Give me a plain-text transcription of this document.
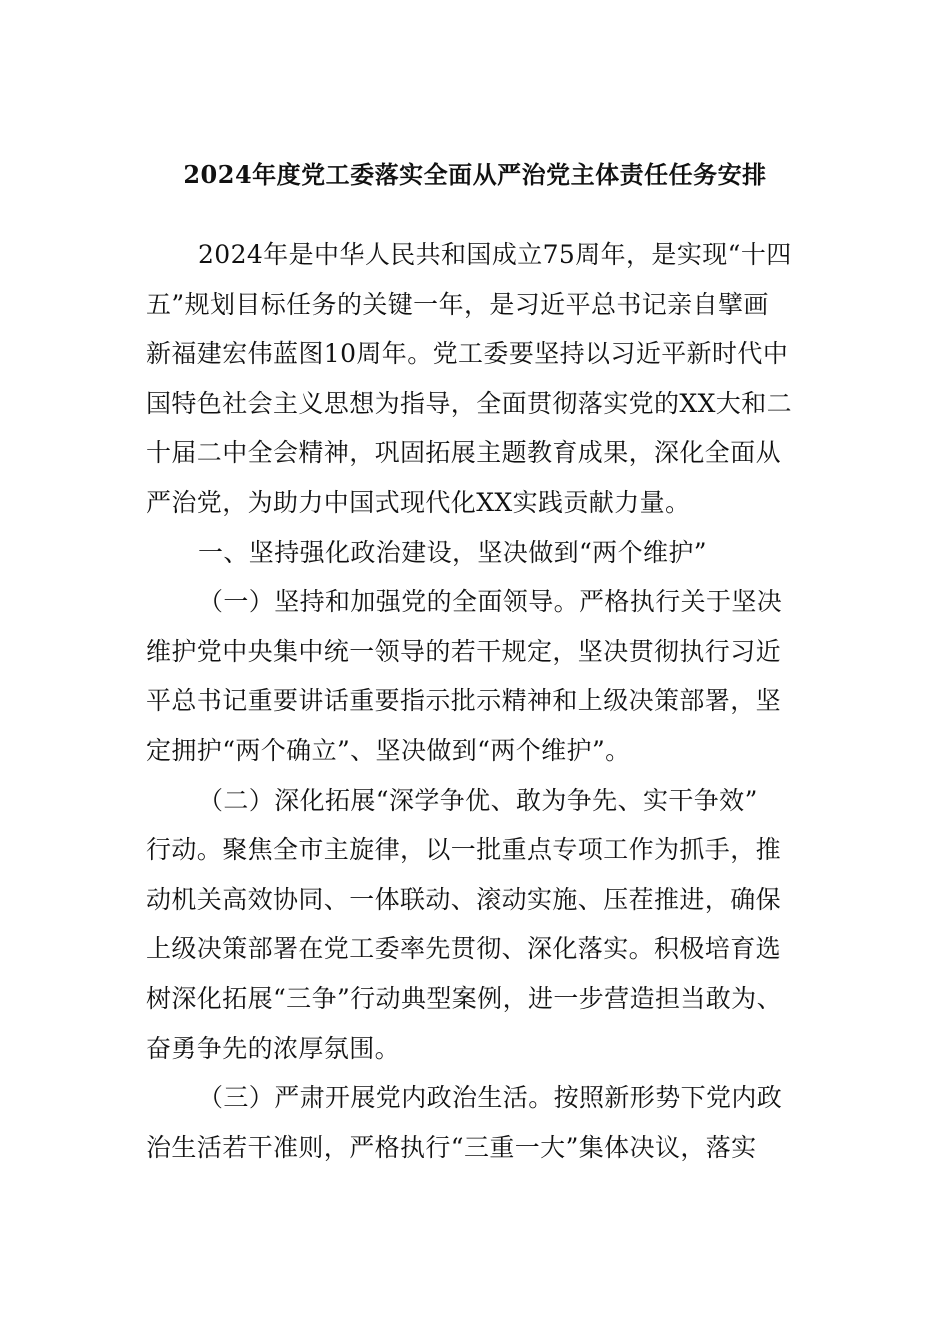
2024年度党工委落实全面从严治党主体责任任务安排
2024年是中华人民共和国成立75周年，是实现“十四
五”规划目标任务的关键一年，是习近平总书记亲自擘画
新福建宏伟蓝图10周年。党工委要坚持以习近平新时代中
国特色社会主义思想为指导，全面贯彻落实党的XX大和二
十届二中全会精神，巩固拓展主题教育成果，深化全面从
严治党，为助力中国式现代化XX实践贡献力量。
一、坚持强化政治建设，坚决做到“两个维护”
（一）坚持和加强党的全面领导。严格执行关于坚决
维护党中央集中统一领导的若干规定，坚决贯彻执行习近
平总书记重要讲话重要指示批示精神和上级决策部署，坚
定拥护“两个确立”、坚决做到“两个维护”。
（二）深化拓展“深学争优、敢为争先、实干争效”
行动。聚焦全市主旋律，以一批重点专项工作为抓手，推
动机关高效协同、一体联动、滚动实施、压茬推进，确保
上级决策部署在党工委率先贯彻、深化落实。积极培育选
树深化拓展“三争”行动典型案例，进一步营造担当敢为、
奋勇争先的浓厚氛围。
（三）严肃开展党内政治生活。按照新形势下党内政
治生活若干准则，严格执行“三重一大”集体决议，落实
